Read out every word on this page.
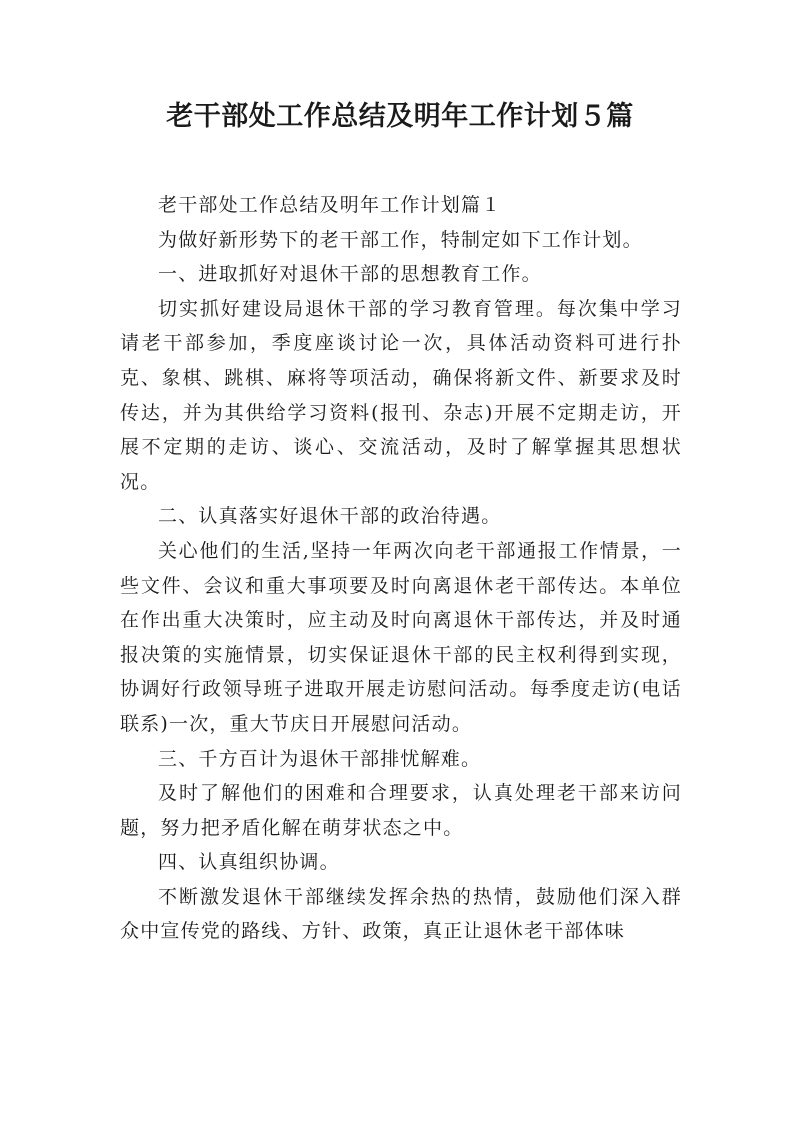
老干部处工作总结及明年工作计划５篇

老干部处工作总结及明年工作计划篇１

为做好新形势下的老干部工作，特制定如下工作计划。

一、进取抓好对退休干部的思想教育工作。

切实抓好建设局退休干部的学习教育管理。每次集中学习请老干部参加，季度座谈讨论一次，具体活动资料可进行扑克、象棋、跳棋、麻将等项活动，确保将新文件、新要求及时传达，并为其供给学习资料(报刊、杂志)开展不定期走访，开展不定期的走访、谈心、交流活动，及时了解掌握其思想状况。

二、认真落实好退休干部的政治待遇。

关心他们的生活,坚持一年两次向老干部通报工作情景，一些文件、会议和重大事项要及时向离退休老干部传达。本单位在作出重大决策时，应主动及时向离退休干部传达，并及时通报决策的实施情景，切实保证退休干部的民主权利得到实现，协调好行政领导班子进取开展走访慰问活动。每季度走访(电话联系)一次，重大节庆日开展慰问活动。

三、千方百计为退休干部排忧解难。

及时了解他们的困难和合理要求，认真处理老干部来访问题，努力把矛盾化解在萌芽状态之中。

四、认真组织协调。

不断激发退休干部继续发挥余热的热情，鼓励他们深入群众中宣传党的路线、方针、政策，真正让退休老干部体味
